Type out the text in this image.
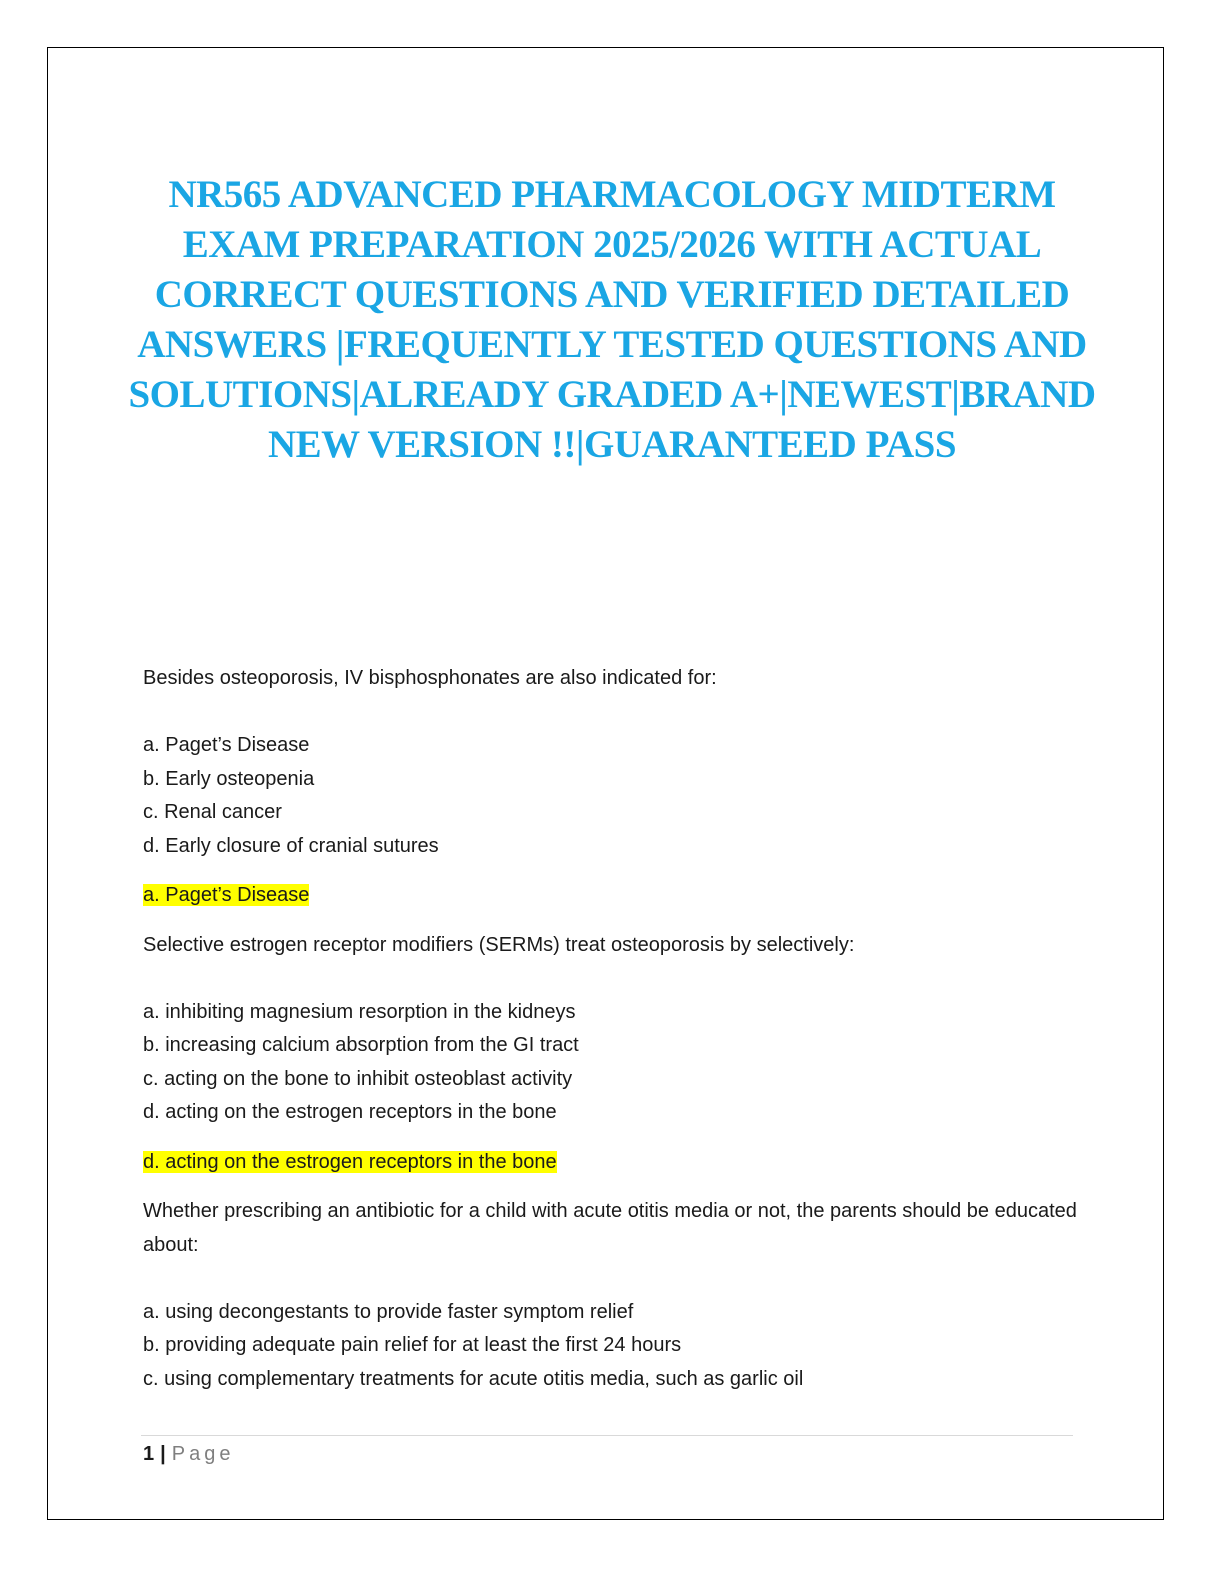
NR565 ADVANCED PHARMACOLOGY MIDTERM EXAM PREPARATION 2025/2026 WITH ACTUAL CORRECT QUESTIONS AND VERIFIED DETAILED ANSWERS |FREQUENTLY TESTED QUESTIONS AND SOLUTIONS|ALREADY GRADED A+|NEWEST|BRAND NEW VERSION !!|GUARANTEED PASS

Besides osteoporosis, IV bisphosphonates are also indicated for:

a. Paget’s Disease
b. Early osteopenia
c. Renal cancer
d. Early closure of cranial sutures

a. Paget’s Disease

Selective estrogen receptor modifiers (SERMs) treat osteoporosis by selectively:

a. inhibiting magnesium resorption in the kidneys
b. increasing calcium absorption from the GI tract
c. acting on the bone to inhibit osteoblast activity
d. acting on the estrogen receptors in the bone

d. acting on the estrogen receptors in the bone

Whether prescribing an antibiotic for a child with acute otitis media or not, the parents should be educated about:

a. using decongestants to provide faster symptom relief
b. providing adequate pain relief for at least the first 24 hours
c. using complementary treatments for acute otitis media, such as garlic oil
1 | Page
